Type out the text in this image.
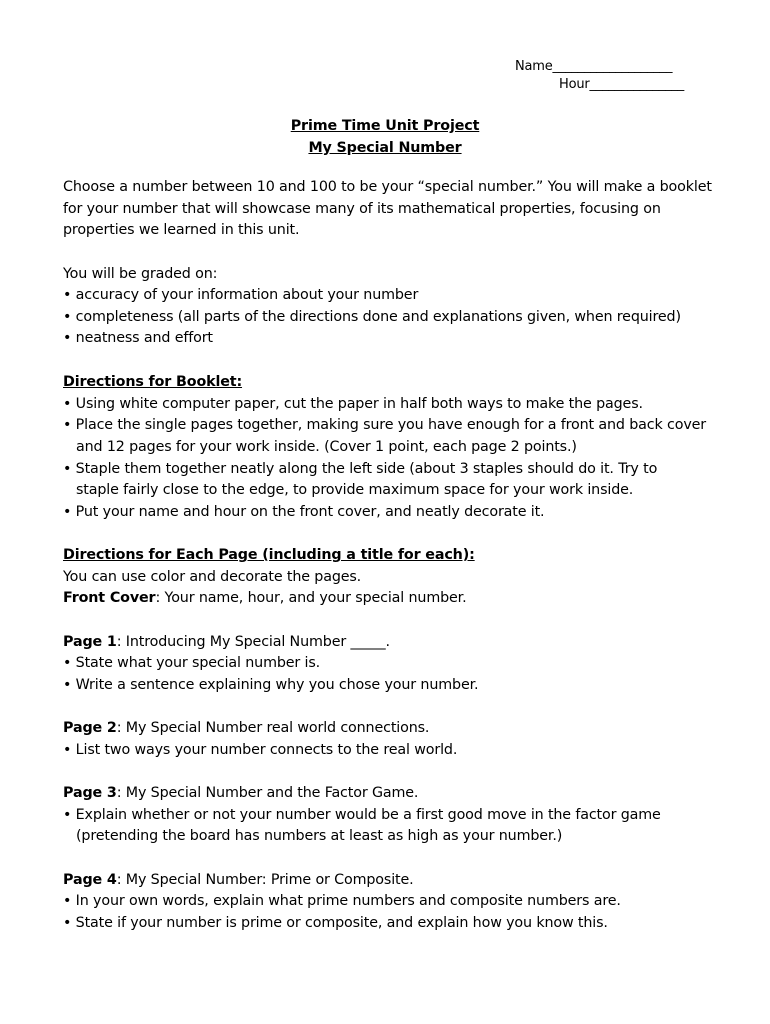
Name___________________
Hour_______________
Prime Time Unit Project
My Special Number
Choose a number between 10 and 100 to be your “special number.” You will make a booklet
for your number that will showcase many of its mathematical properties, focusing on
properties we learned in this unit.
You will be graded on:
• accuracy of your information about your number
• completeness (all parts of the directions done and explanations given, when required)
• neatness and effort
Directions for Booklet:
• Using white computer paper, cut the paper in half both ways to make the pages.
• Place the single pages together, making sure you have enough for a front and back cover
and 12 pages for your work inside. (Cover 1 point, each page 2 points.)
• Staple them together neatly along the left side (about 3 staples should do it. Try to
staple fairly close to the edge, to provide maximum space for your work inside.
• Put your name and hour on the front cover, and neatly decorate it.
Directions for Each Page (including a title for each):
You can use color and decorate the pages.
Front Cover: Your name, hour, and your special number.
Page 1: Introducing My Special Number _____.
• State what your special number is.
• Write a sentence explaining why you chose your number.
Page 2: My Special Number real world connections.
• List two ways your number connects to the real world.
Page 3: My Special Number and the Factor Game.
• Explain whether or not your number would be a first good move in the factor game
(pretending the board has numbers at least as high as your number.)
Page 4: My Special Number: Prime or Composite.
• In your own words, explain what prime numbers and composite numbers are.
• State if your number is prime or composite, and explain how you know this.
